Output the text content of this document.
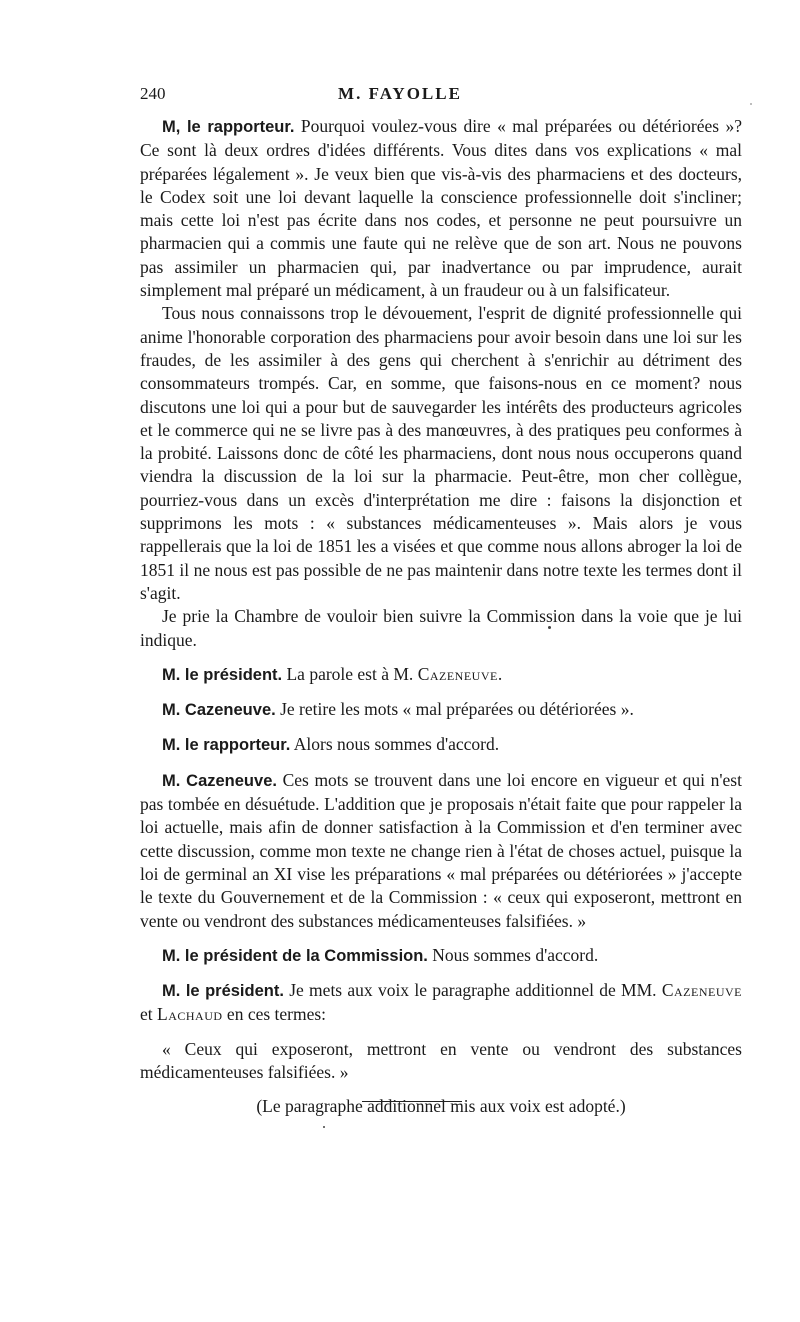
240	M. FAYOLLE

M, le rapporteur. Pourquoi voulez-vous dire « mal préparées ou détériorées »? Ce sont là deux ordres d'idées différents. Vous dites dans vos explications « mal préparées légalement ». Je veux bien que vis-à-vis des pharmaciens et des docteurs, le Codex soit une loi devant laquelle la conscience professionnelle doit s'incliner; mais cette loi n'est pas écrite dans nos codes, et personne ne peut poursuivre un pharmacien qui a commis une faute qui ne relève que de son art. Nous ne pouvons pas assimiler un pharmacien qui, par inadvertance ou par imprudence, aurait simplement mal préparé un médicament, à un fraudeur ou à un falsificateur.

Tous nous connaissons trop le dévouement, l'esprit de dignité professionnelle qui anime l'honorable corporation des pharmaciens pour avoir besoin dans une loi sur les fraudes, de les assimiler à des gens qui cherchent à s'enrichir au détriment des consommateurs trompés. Car, en somme, que faisons-nous en ce moment? nous discutons une loi qui a pour but de sauvegarder les intérêts des producteurs agricoles et le commerce qui ne se livre pas à des manœuvres, à des pratiques peu conformes à la probité. Laissons donc de côté les pharmaciens, dont nous nous occuperons quand viendra la discussion de la loi sur la pharmacie. Peut-être, mon cher collègue, pourriez-vous dans un excès d'interprétation me dire : faisons la disjonction et supprimons les mots : « substances médicamenteuses ». Mais alors je vous rappellerais que la loi de 1851 les a visées et que comme nous allons abroger la loi de 1851 il ne nous est pas possible de ne pas maintenir dans notre texte les termes dont il s'agit.

Je prie la Chambre de vouloir bien suivre la Commission dans la voie que je lui indique.

M. le président. La parole est à M. Cazeneuve.

M. Cazeneuve. Je retire les mots « mal préparées ou détériorées ».

M. le rapporteur. Alors nous sommes d'accord.

M. Cazeneuve. Ces mots se trouvent dans une loi encore en vigueur et qui n'est pas tombée en désuétude. L'addition que je proposais n'était faite que pour rappeler la loi actuelle, mais afin de donner satisfaction à la Commission et d'en terminer avec cette discussion, comme mon texte ne change rien à l'état de choses actuel, puisque la loi de germinal an XI vise les préparations « mal préparées ou détériorées » j'accepte le texte du Gouvernement et de la Commission : « ceux qui exposeront, mettront en vente ou vendront des substances médicamenteuses falsifiées. »

M. le président de la Commission. Nous sommes d'accord.

M. le président. Je mets aux voix le paragraphe additionnel de MM. Cazeneuve et Lachaud en ces termes:

« Ceux qui exposeront, mettront en vente ou vendront des substances médicamenteuses falsifiées. »

(Le paragraphe additionnel mis aux voix est adopté.)
